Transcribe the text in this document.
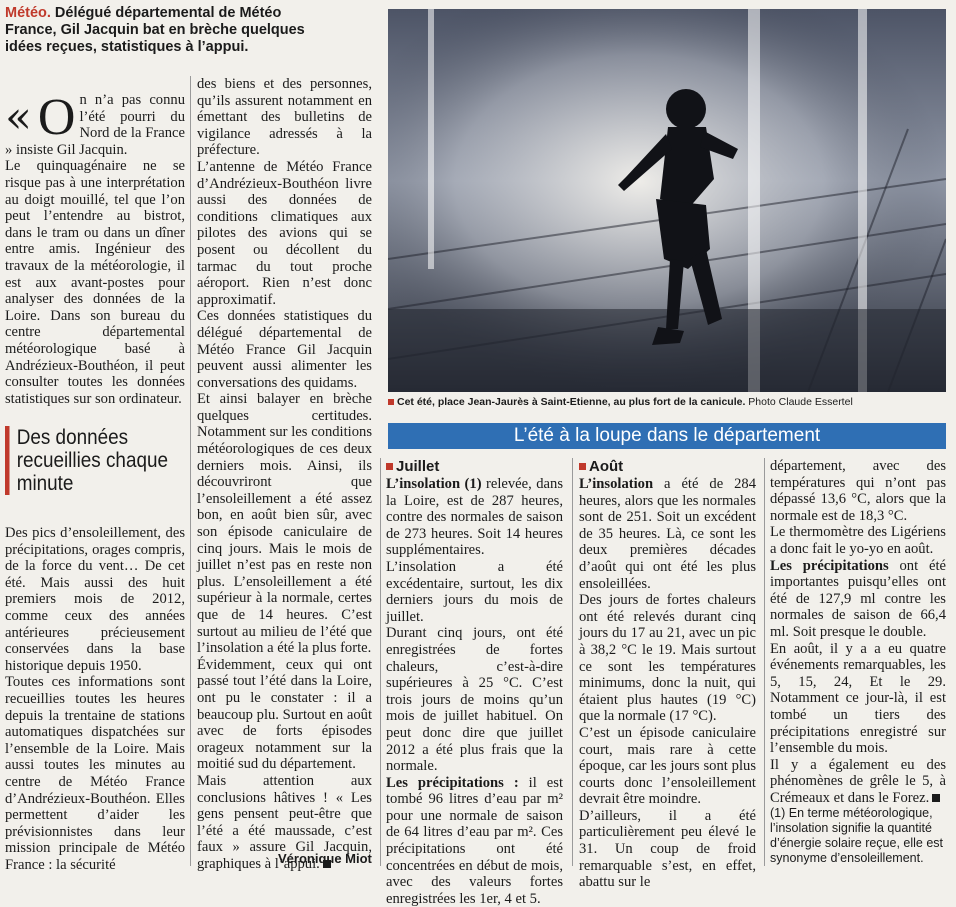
Météo. Délégué départemental de Météo France, Gil Jacquin bat en brèche quelques idées reçues, statistiques à l’appui.
« O n n’a pas connu l’été pourri du Nord de la France » insiste Gil Jacquin.

Le quinquagénaire ne se risque pas à une interprétation au doigt mouillé, tel que l’on peut l’entendre au bistrot, dans le tram ou dans un dîner entre amis. Ingénieur des travaux de la météorologie, il est aux avant-postes pour analyser des données de la Loire. Dans son bureau du centre départemental météorologique basé à Andrézieux-Bouthéon, il peut consulter toutes les données statistiques sur son ordinateur.

Des données recueillies chaque minute

Des pics d’ensoleillement, des précipitations, orages compris, de la force du vent… De cet été. Mais aussi des huit premiers mois de 2012, comme ceux des années antérieures précieusement conservées dans la base historique depuis 1950.

Toutes ces informations sont recueillies toutes les heures depuis la trentaine de stations automatiques dispatchées sur l’ensemble de la Loire. Mais aussi toutes les minutes au centre de Météo France d’Andrézieux-Bouthéon. Elles permettent d’aider les prévisionnistes dans leur mission principale de Météo France : la sécurité

des biens et des personnes, qu’ils assurent notamment en émettant des bulletins de vigilance adressés à la préfecture.

L’antenne de Météo France d’Andrézieux-Bouthéon livre aussi des données de conditions climatiques aux pilotes des avions qui se posent ou décollent du tarmac du tout proche aéroport. Rien n’est donc approximatif.

Ces données statistiques du délégué départemental de Météo France Gil Jacquin peuvent aussi alimenter les conversations des quidams.

Et ainsi balayer en brèche quelques certitudes. Notamment sur les conditions météorologiques de ces deux derniers mois. Ainsi, ils découvriront que l’ensoleillement a été assez bon, en août bien sûr, avec son épisode caniculaire de cinq jours. Mais le mois de juillet n’est pas en reste non plus. L’ensoleillement a été supérieur à la normale, certes que de 14 heures. C’est surtout au milieu de l’été que l’insolation a été la plus forte.

Évidemment, ceux qui ont passé tout l’été dans la Loire, ont pu le constater : il a beaucoup plu. Surtout en août avec de forts épisodes orageux notamment sur la moitié sud du département.

Mais attention aux conclusions hâtives ! « Les gens pensent peut-être que l’été a été maussade, c’est faux » assure Gil Jacquin, graphiques à l’appui.

Véronique Miot
Cet été, place Jean-Jaurès à Saint-Etienne, au plus fort de la canicule. Photo Claude Essertel
L’été à la loupe dans le département
Juillet

L’insolation (1) relevée, dans la Loire, est de 287 heures, contre des normales de saison de 273 heures. Soit 14 heures supplémentaires.

L’insolation a été excédentaire, surtout, les dix derniers jours du mois de juillet.

Durant cinq jours, ont été enregistrées de fortes chaleurs, c’est-à-dire supérieures à 25 °C. C’est trois jours de moins qu’un mois de juillet habituel. On peut donc dire que juillet 2012 a été plus frais que la normale.

Les précipitations : il est tombé 96 litres d’eau par m² pour une normale de saison de 64 litres d’eau par m². Ces précipitations ont été concentrées en début de mois, avec des valeurs fortes enregistrées les 1er, 4 et 5.

Août

L’insolation a été de 284 heures, alors que les normales sont de 251. Soit un excédent de 35 heures. Là, ce sont les deux premières décades d’août qui ont été les plus ensoleillées.

Des jours de fortes chaleurs ont été relevés durant cinq jours du 17 au 21, avec un pic à 38,2 °C le 19. Mais surtout ce sont les températures minimums, donc la nuit, qui étaient plus hautes (19 °C) que la normale (17 °C).

C’est un épisode caniculaire court, mais rare à cette époque, car les jours sont plus courts donc l’ensoleillement devrait être moindre.

D’ailleurs, il a été particulièrement peu élevé le 31. Un coup de froid remarquable s’est, en effet, abattu sur le

département, avec des températures qui n’ont pas dépassé 13,6 °C, alors que la normale est de 18,3 °C.

Le thermomètre des Ligériens a donc fait le yo-yo en août.

Les précipitations ont été importantes puisqu’elles ont été de 127,9 ml contre les normales de saison de 66,4 ml. Soit presque le double.

En août, il y a a eu quatre événements remarquables, les 5, 15, 24, Et le 29. Notamment ce jour-là, il est tombé un tiers des précipitations enregistré sur l’ensemble du mois.

Il y a également eu des phénomènes de grêle le 5, à Crémeaux et dans le Forez.

(1) En terme météorologique, l’insolation signifie la quantité d’énergie solaire reçue, elle est synonyme d’ensoleillement.
